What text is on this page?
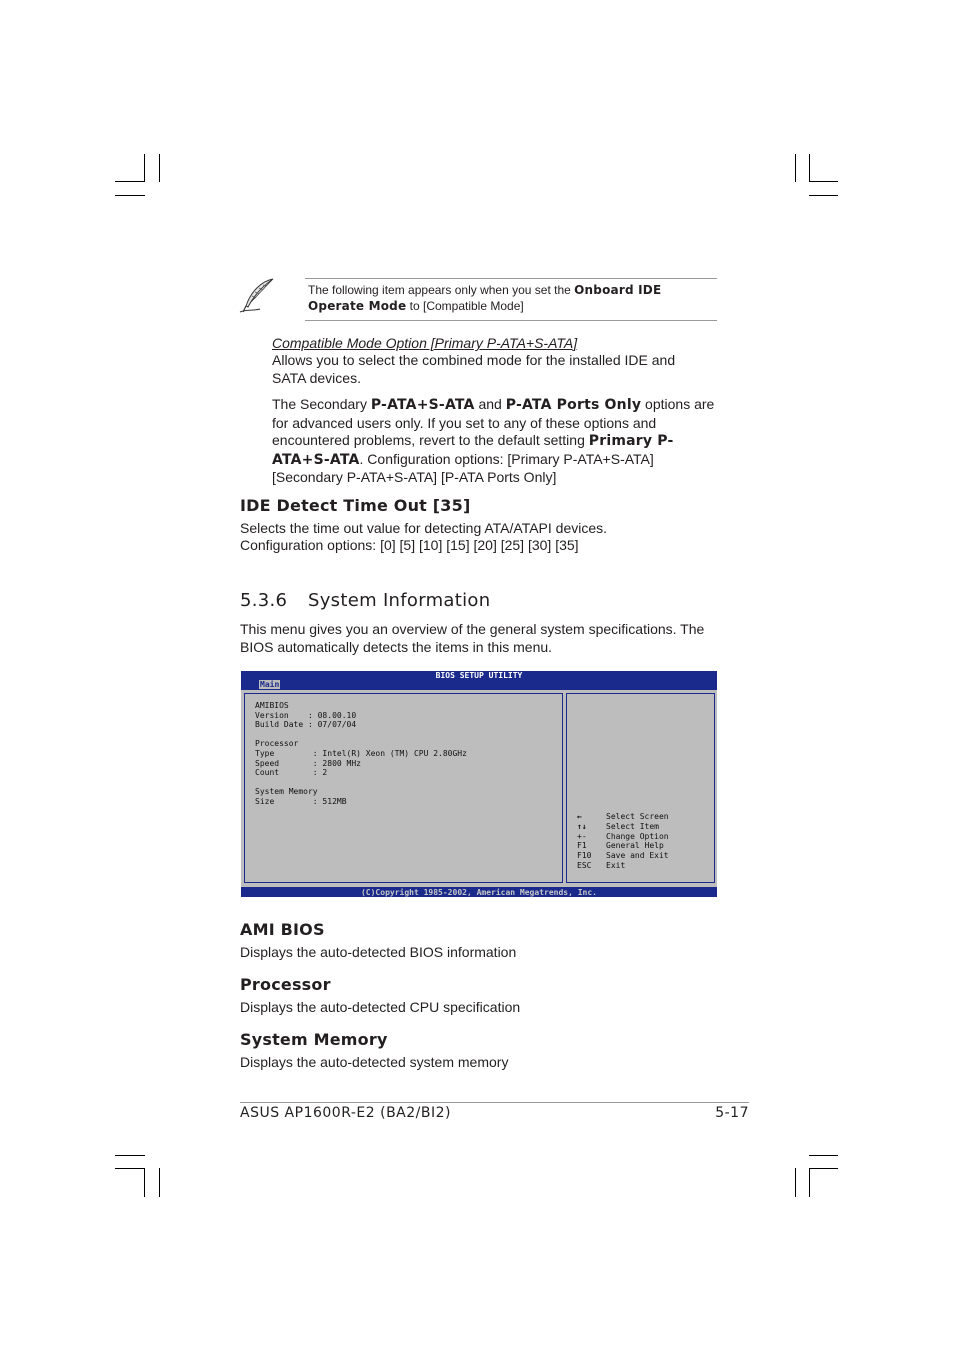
The following item appears only when you set the Onboard IDE Operate Mode to [Compatible Mode]
Compatible Mode Option [Primary P-ATA+S-ATA]
Allows you to select the combined mode for the installed IDE and SATA devices.
The Secondary P-ATA+S-ATA and P-ATA Ports Only options are for advanced users only. If you set to any of these options and encountered problems, revert to the default setting Primary P-ATA+S-ATA. Configuration options: [Primary P-ATA+S-ATA] [Secondary P-ATA+S-ATA] [P-ATA Ports Only]
IDE Detect Time Out [35]
Selects the time out value for detecting ATA/ATAPI devices.
Configuration options: [0] [5] [10] [15] [20] [25] [30] [35]
5.3.6 System Information
This menu gives you an overview of the general system specifications. The BIOS automatically detects the items in this menu.
BIOS SETUP UTILITY
Main
AMIBIOS
Version    : 08.00.10
Build Date : 07/07/04

Processor
Type        : Intel(R) Xeon (TM) CPU 2.80GHz
Speed       : 2800 MHz
Count       : 2

System Memory
Size        : 512MB
←	Select Screen
↑↓	Select Item
+-	Change Option
F1	General Help
F10	Save and Exit
ESC	Exit
(C)Copyright 1985-2002, American Megatrends, Inc.
AMI BIOS
Displays the auto-detected BIOS information
Processor
Displays the auto-detected CPU specification
System Memory
Displays the auto-detected system memory
ASUS AP1600R-E2 (BA2/BI2)	5-17
